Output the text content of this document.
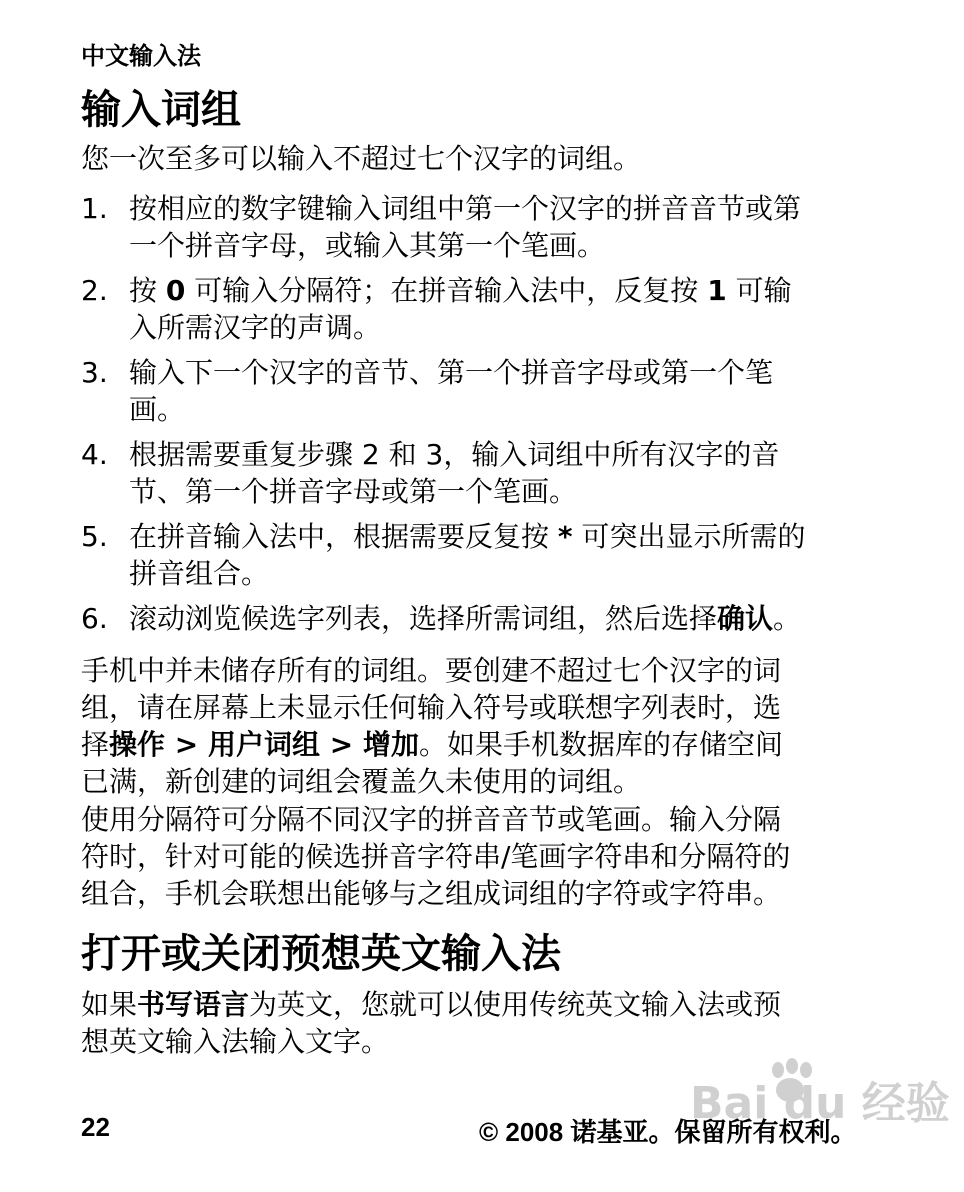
中文输入法
输入词组
您一次至多可以输入不超过七个汉字的词组。
1. 按相应的数字键输入词组中第一个汉字的拼音音节或第
一个拼音字母，或输入其第一个笔画。
2. 按 0 可输入分隔符；在拼音输入法中，反复按 1 可输
入所需汉字的声调。
3. 输入下一个汉字的音节、第一个拼音字母或第一个笔
画。
4. 根据需要重复步骤 2 和 3，输入词组中所有汉字的音
节、第一个拼音字母或第一个笔画。
5. 在拼音输入法中，根据需要反复按 * 可突出显示所需的
拼音组合。
6. 滚动浏览候选字列表，选择所需词组，然后选择确认。
手机中并未储存所有的词组。要创建不超过七个汉字的词
组，请在屏幕上未显示任何输入符号或联想字列表时，选
择操作 > 用户词组 > 增加。如果手机数据库的存储空间
已满，新创建的词组会覆盖久未使用的词组。
使用分隔符可分隔不同汉字的拼音音节或笔画。输入分隔
符时，针对可能的候选拼音字符串/笔画字符串和分隔符的
组合，手机会联想出能够与之组成词组的字符或字符串。
打开或关闭预想英文输入法
如果书写语言为英文，您就可以使用传统英文输入法或预
想英文输入法输入文字。
22	© 2008 诺基亚。保留所有权利。
Bai du 经验
